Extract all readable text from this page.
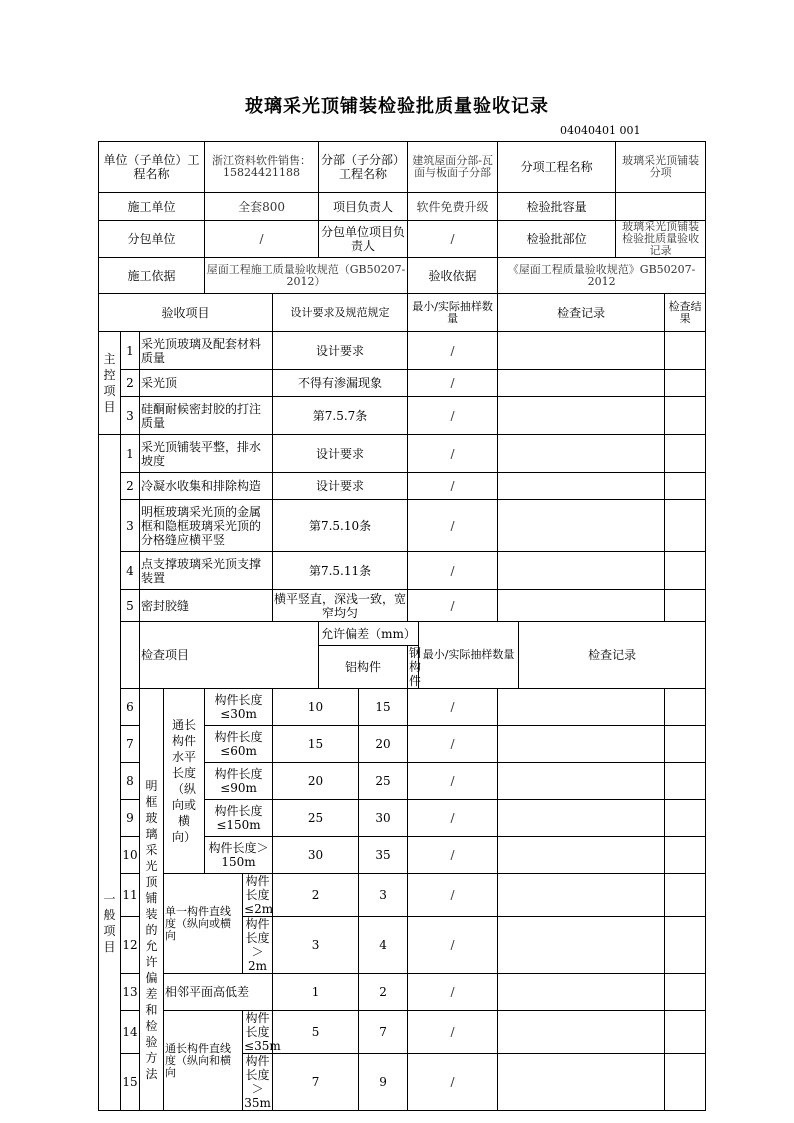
玻璃采光顶铺装检验批质量验收记录
04040401 001
单位（子单位）工程名称				浙江资料软件销售：15824421188			分部（子分部）工程名称		建筑屋面分部-瓦面与板面子分部		分项工程名称		玻璃采光顶铺装分项		
施工单位				全套800			项目负责人		软件免费升级		检验批容量				
分包单位				/			分包单位项目负责人		/		检验批部位		玻璃采光顶铺装检验批质量验收记录		
施工依据				屋面工程施工质量验收规范（GB50207-2012）					验收依据		《屋面工程质量验收规范》GB50207-2012				
验收项目						设计要求及规范规定			最小/实际抽样数量		检查记录			检查结果	

主控项目	1	采光顶玻璃及配套材料质量				设计要求			/						
	2	采光顶				不得有渗漏现象			/						
	3	硅酮耐候密封胶的打注质量				第7.5.7条			/						

一般项目	1	采光顶铺装平整，排水坡度				设计要求			/						
	2	冷凝水收集和排除构造				设计要求			/						
	3	明框玻璃采光顶的金属框和隐框玻璃采光顶的分格缝应横平竖				第7.5.10条			/						
	4	点支撑玻璃采光顶支撑装置				第7.5.11条			/						
	5	密封胶缝				横平竖直，深浅一致，宽窄均匀			/						
		检查项目					允许偏差（mm）			最小/实际抽样数量		检查记录	
							铝构件		钢构件						
	6	明框玻璃采光顶铺装的允许偏差和检验方法	通长构件水平长度（纵向或横向）	构件长度≤30m		10		15	/						
	7			构件长度≤60m		15		20	/						
	8			构件长度≤90m		20		25	/						
	9			构件长度≤150m		25		30	/						
	10			构件长度＞150m		30		35	/						
	11		单一构件直线度（纵向或横向		构件长度≤2m	2		3	/						
	12				构件长度＞2m	3		4	/						
	13		相邻平面高低差			1		2	/						
	14		通长构件直线度（纵向和横向		构件长度≤35m	5		7	/						
	15				构件长度＞35m	7		9	/						
